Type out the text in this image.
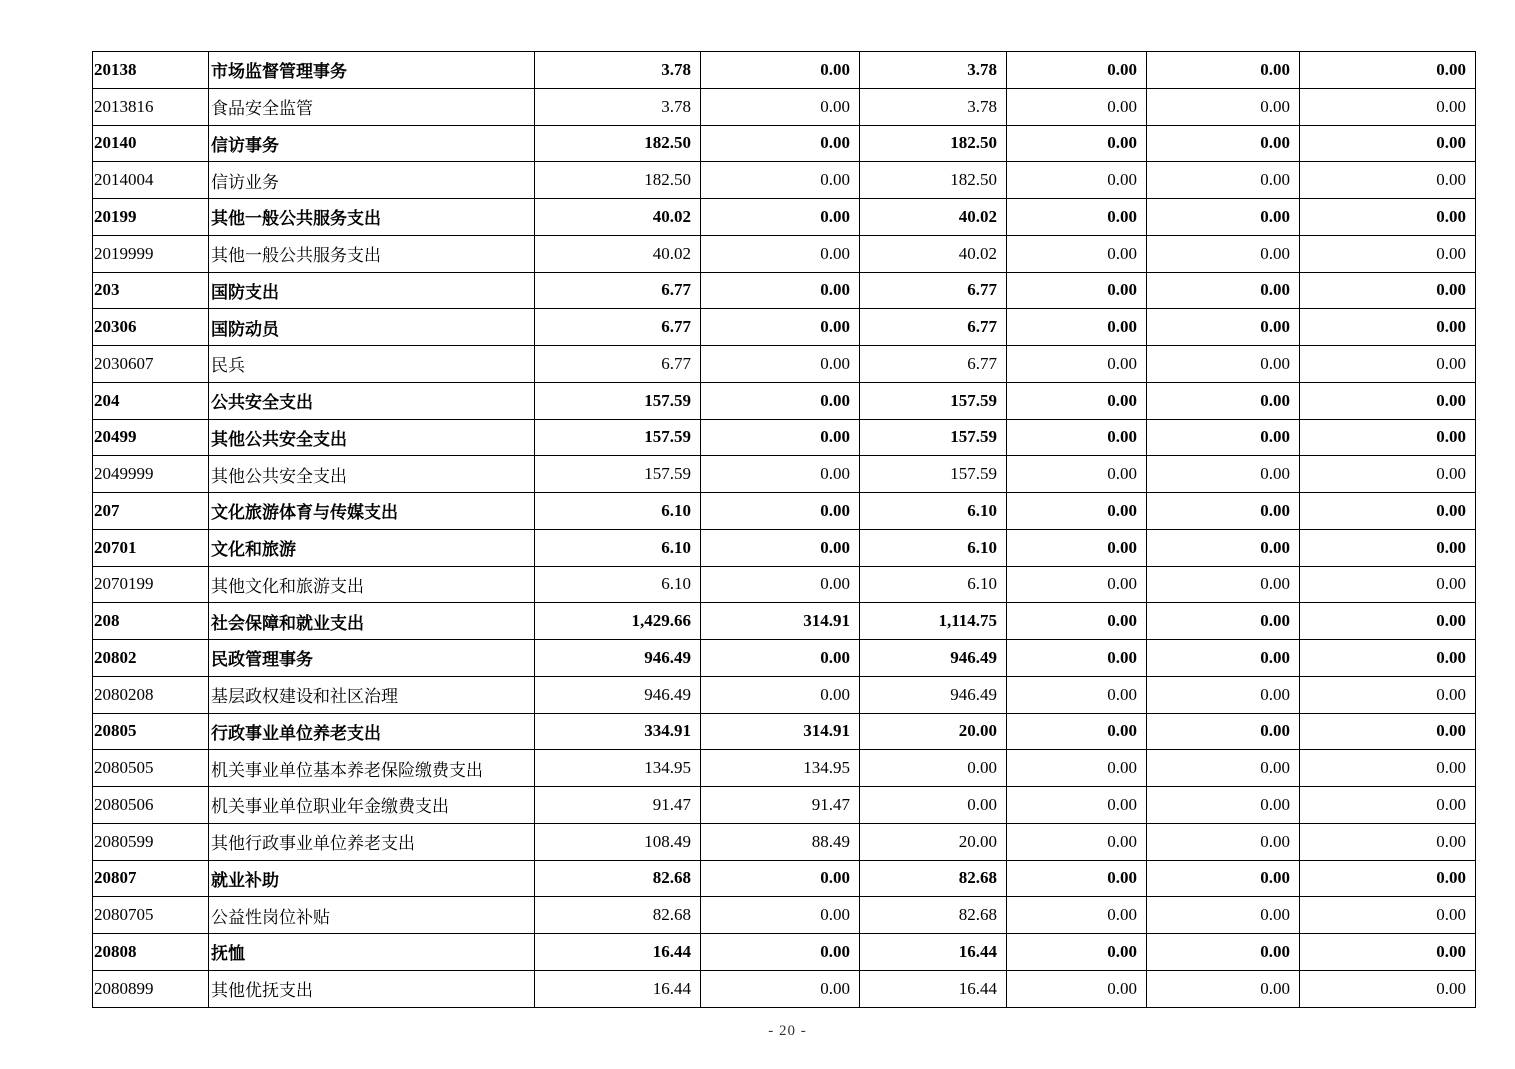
20138	市场监督管理事务	3.78	0.00	3.78	0.00	0.00	0.00
2013816	食品安全监管	3.78	0.00	3.78	0.00	0.00	0.00
20140	信访事务	182.50	0.00	182.50	0.00	0.00	0.00
2014004	信访业务	182.50	0.00	182.50	0.00	0.00	0.00
20199	其他一般公共服务支出	40.02	0.00	40.02	0.00	0.00	0.00
2019999	其他一般公共服务支出	40.02	0.00	40.02	0.00	0.00	0.00
203	国防支出	6.77	0.00	6.77	0.00	0.00	0.00
20306	国防动员	6.77	0.00	6.77	0.00	0.00	0.00
2030607	民兵	6.77	0.00	6.77	0.00	0.00	0.00
204	公共安全支出	157.59	0.00	157.59	0.00	0.00	0.00
20499	其他公共安全支出	157.59	0.00	157.59	0.00	0.00	0.00
2049999	其他公共安全支出	157.59	0.00	157.59	0.00	0.00	0.00
207	文化旅游体育与传媒支出	6.10	0.00	6.10	0.00	0.00	0.00
20701	文化和旅游	6.10	0.00	6.10	0.00	0.00	0.00
2070199	其他文化和旅游支出	6.10	0.00	6.10	0.00	0.00	0.00
208	社会保障和就业支出	1,429.66	314.91	1,114.75	0.00	0.00	0.00
20802	民政管理事务	946.49	0.00	946.49	0.00	0.00	0.00
2080208	基层政权建设和社区治理	946.49	0.00	946.49	0.00	0.00	0.00
20805	行政事业单位养老支出	334.91	314.91	20.00	0.00	0.00	0.00
2080505	机关事业单位基本养老保险缴费支出	134.95	134.95	0.00	0.00	0.00	0.00
2080506	机关事业单位职业年金缴费支出	91.47	91.47	0.00	0.00	0.00	0.00
2080599	其他行政事业单位养老支出	108.49	88.49	20.00	0.00	0.00	0.00
20807	就业补助	82.68	0.00	82.68	0.00	0.00	0.00
2080705	公益性岗位补贴	82.68	0.00	82.68	0.00	0.00	0.00
20808	抚恤	16.44	0.00	16.44	0.00	0.00	0.00
2080899	其他优抚支出	16.44	0.00	16.44	0.00	0.00	0.00
- 20 -
